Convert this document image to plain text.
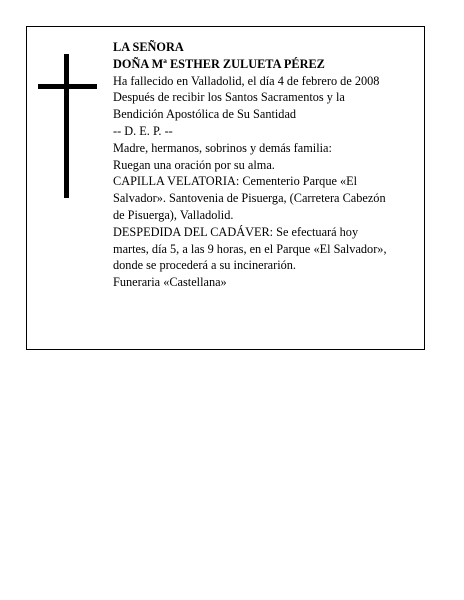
LA SEÑORA
DOÑA Mª ESTHER ZULUETA PÉREZ
Ha fallecido en Valladolid, el día 4 de febrero de 2008
Después de recibir los Santos Sacramentos y la
Bendición Apostólica de Su Santidad
-- D. E. P. --
Madre, hermanos, sobrinos y demás familia:
Ruegan una oración por su alma.
CAPILLA VELATORIA: Cementerio Parque «El
Salvador». Santovenia de Pisuerga, (Carretera Cabezón
de Pisuerga), Valladolid.
DESPEDIDA DEL CADÁVER: Se efectuará hoy
martes, día 5, a las 9 horas, en el Parque «El Salvador»,
donde se procederá a su incinerarión.
Funeraria «Castellana»
